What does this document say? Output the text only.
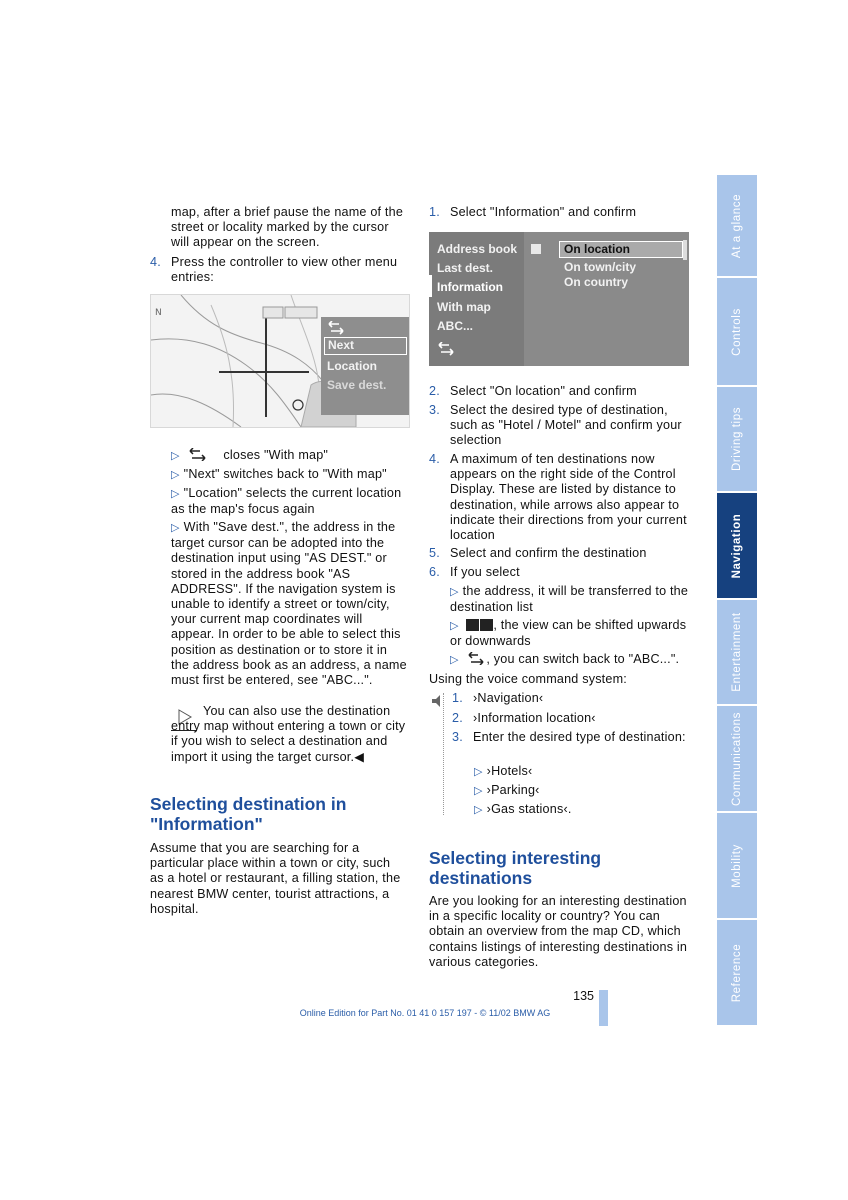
map, after a brief pause the name of the street or locality marked by the cursor will appear on the screen.
4. Press the controller to view other menu entries:
N
Next
Location
Save dest.
▷	closes "With map"
▷ "Next" switches back to "With map"
▷ "Location" selects the current location as the map's focus again
▷ With "Save dest.", the address in the target cursor can be adopted into the destination input using "AS DEST." or stored in the address book "AS ADDRESS". If the navigation system is unable to identify a street or town/city, your current map coordinates will appear. In order to be able to select this position as destination or to store it in the address book as an address, a name must first be entered, see "ABC...".
You can also use the destination entry map without entering a town or city if you wish to select a destination and import it using the target cursor.◀
Selecting destination in "Information"
Assume that you are searching for a particular place within a town or city, such as a hotel or restaurant, a filling station, the nearest BMW center, tourist attractions, a hospital.
1. Select "Information" and confirm
Address book
Last dest.
Information
With map
ABC...
On location
On town/city
On country
2. Select "On location" and confirm
3. Select the desired type of destination, such as "Hotel / Motel" and confirm your selection
4. A maximum of ten destinations now appears on the right side of the Control Display. These are listed by distance to destination, while arrows also appear to indicate their directions from your current location
5. Select and confirm the destination
6. If you select
▷ the address, it will be transferred to the destination list
▷	, the view can be shifted upwards or downwards
▷ , you can switch back to "ABC...".
Using the voice command system:
1. ›Navigation‹
2. ›Information location‹
3. Enter the desired type of destination:
▷ ›Hotels‹
▷ ›Parking‹
▷ ›Gas stations‹.
Selecting interesting destinations
Are you looking for an interesting destination in a specific locality or country? You can obtain an overview from the map CD, which contains listings of interesting destinations in various categories.
135
Online Edition for Part No. 01 41 0 157 197 - © 11/02 BMW AG
At a glance
Controls
Driving tips
Navigation
Entertainment
Communications
Mobility
Reference
